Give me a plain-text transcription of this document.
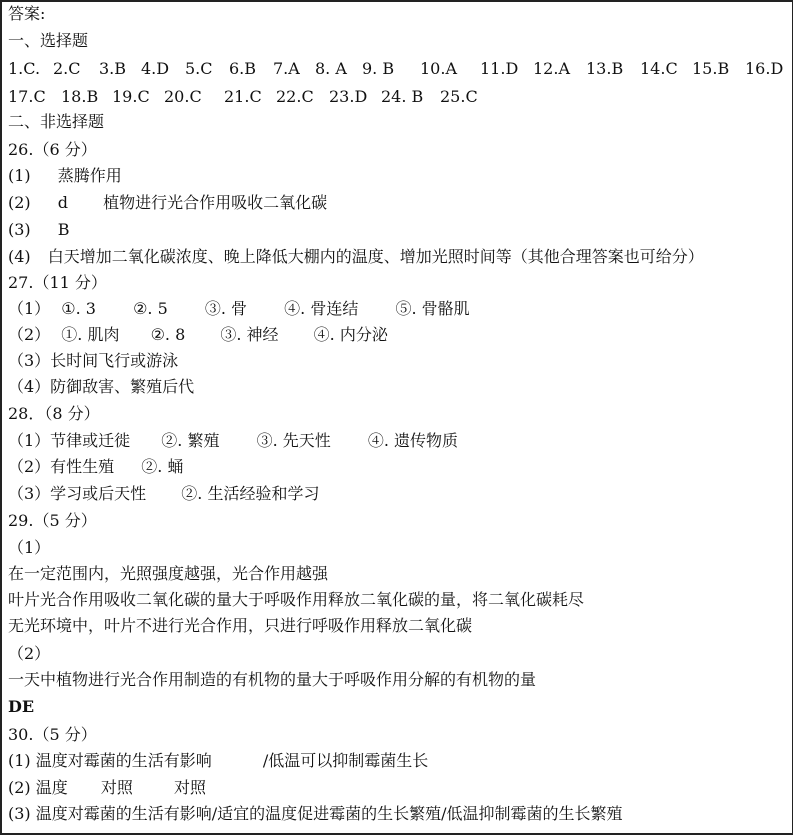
答案:
一、选择题
1.C. 2.C 3.B 4.D 5.C 6.B 7.A 8. A 9. B 10.A 11.D 12.A 13.B 14.C 15.B 16.D
17.C 18.B 19.C 20.C 21.C 22.C 23.D 24. B 25.C
二、非选择题
26.（6 分）
(1) 蒸腾作用
(2) d 植物进行光合作用吸收二氧化碳
(3) B
(4) 白天增加二氧化碳浓度、晚上降低大棚内的温度、增加光照时间等（其他合理答案也可给分）
27.（11 分）
（1） ①. 3 ②. 5 ③. 骨 ④. 骨连结 ⑤. 骨骼肌
（2） ①. 肌肉 ②. 8 ③. 神经 ④. 内分泌
（3）长时间飞行或游泳
（4）防御敌害、繁殖后代
28．（8 分）
（1）节律或迁徙 ②. 繁殖 ③. 先天性 ④. 遗传物质
（2）有性生殖 ②. 蛹
（3）学习或后天性 ②. 生活经验和学习
29.（5 分）
（1）
在一定范围内，光照强度越强，光合作用越强
叶片光合作用吸收二氧化碳的量大于呼吸作用释放二氧化碳的量，将二氧化碳耗尽
无光环境中，叶片不进行光合作用，只进行呼吸作用释放二氧化碳
（2）
一天中植物进行光合作用制造的有机物的量大于呼吸作用分解的有机物的量
DE
30.（5 分）
(1) 温度对霉菌的生活有影响	/低温可以抑制霉菌生长
(2) 温度 对照	对照
(3) 温度对霉菌的生活有影响/适宜的温度促进霉菌的生长繁殖/低温抑制霉菌的生长繁殖
